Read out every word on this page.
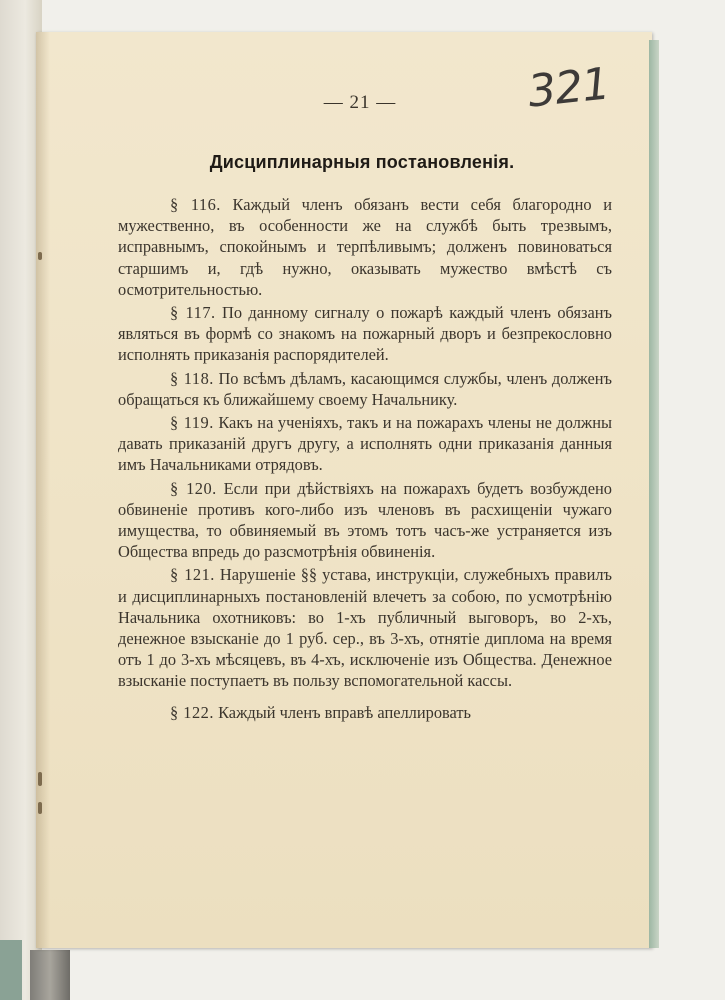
— 21 —	321
Дисциплинарныя постановленія.

§ 116. Каждый членъ обязанъ вести себя благородно и мужественно, въ особенности же на службѣ быть трезвымъ, исправнымъ, спокойнымъ и терпѣливымъ; долженъ повиноваться старшимъ и, гдѣ нужно, оказывать мужество вмѣстѣ съ осмотрительностью.

§ 117. По данному сигналу о пожарѣ каждый членъ обязанъ являться въ формѣ со знакомъ на пожарный дворъ и безпрекословно исполнять приказанія распорядителей.

§ 118. По всѣмъ дѣламъ, касающимся службы, членъ долженъ обращаться къ ближайшему своему Начальнику.

§ 119. Какъ на ученіяхъ, такъ и на пожарахъ члены не должны давать приказаній другъ другу, а исполнять одни приказанія данныя имъ Начальниками отрядовъ.

§ 120. Если при дѣйствіяхъ на пожарахъ будетъ возбуждено обвиненіе противъ кого-либо изъ членовъ въ расхищеніи чужаго имущества, то обвиняемый въ этомъ тотъ часъ-же устраняется изъ Общества впредь до разсмотрѣнія обвиненія.

§ 121. Нарушеніе §§ устава, инструкціи, служебныхъ правилъ и дисциплинарныхъ постановленій влечетъ за собою, по усмотрѣнію Начальника охотниковъ: во 1-хъ публичный выговоръ, во 2-хъ, денежное взысканіе до 1 руб. сер., въ 3-хъ, отнятіе диплома на время отъ 1 до 3-хъ мѣсяцевъ, въ 4-хъ, исключеніе изъ Общества. Денежное взысканіе поступаетъ въ пользу вспомогательной кассы.

§ 122. Каждый членъ вправѣ апеллировать
